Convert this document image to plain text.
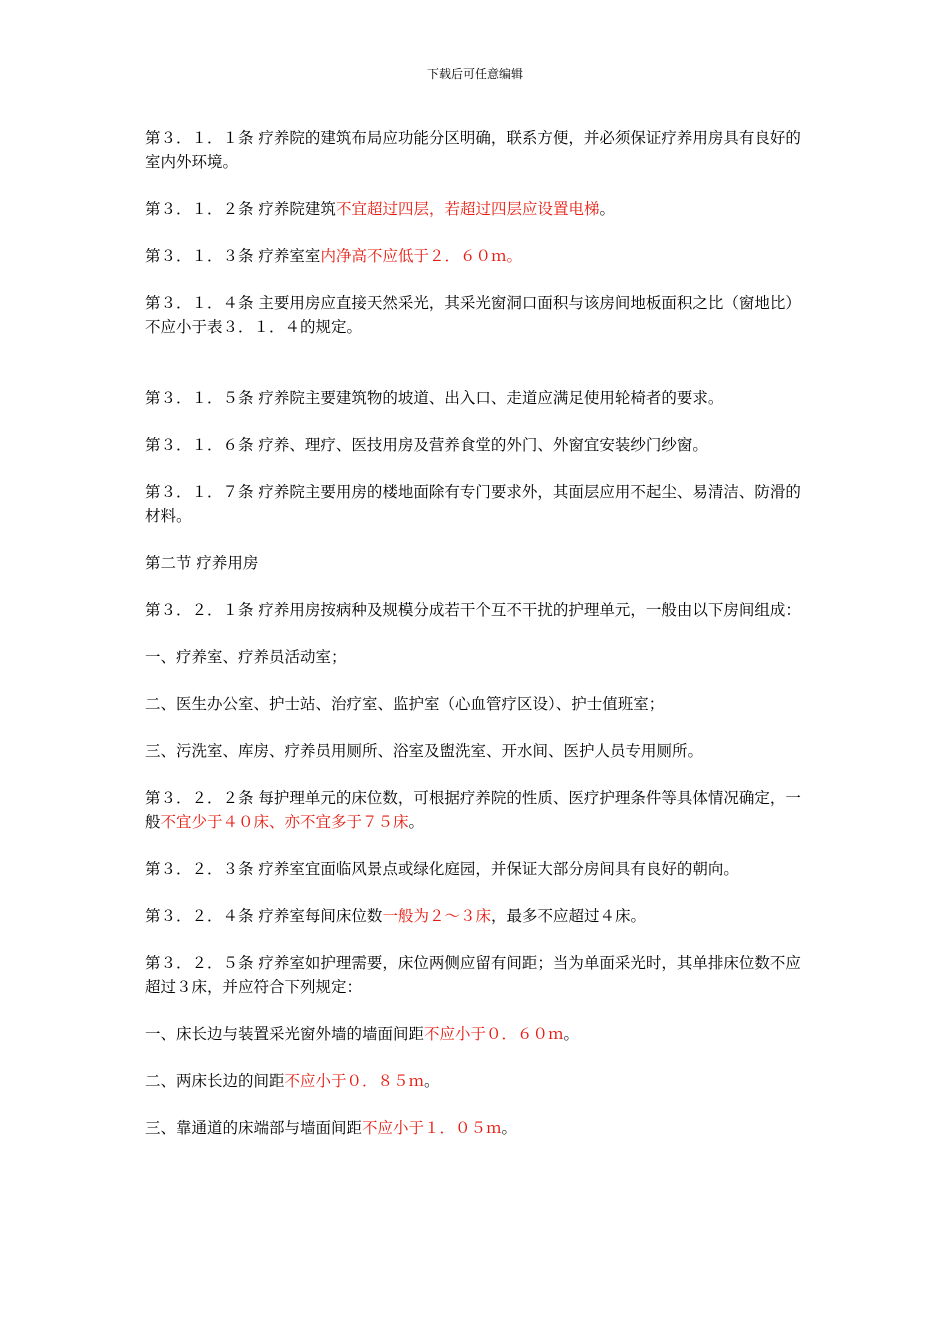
下载后可任意编辑

第３．１．１条 疗养院的建筑布局应功能分区明确，联系方便，并必须保证疗养用房具有良好的室内外环境。

第３．１．２条 疗养院建筑不宜超过四层，若超过四层应设置电梯。

第３．１．３条 疗养室室内净高不应低于２．６０ｍ。

第３．１．４条 主要用房应直接天然采光，其采光窗洞口面积与该房间地板面积之比（窗地比）不应小于表３．１．４的规定。

第３．１．５条 疗养院主要建筑物的坡道、出入口、走道应满足使用轮椅者的要求。

第３．１．６条 疗养、理疗、医技用房及营养食堂的外门、外窗宜安装纱门纱窗。

第３．１．７条 疗养院主要用房的楼地面除有专门要求外，其面层应用不起尘、易清洁、防滑的材料。

第二节 疗养用房

第３．２．１条 疗养用房按病种及规模分成若干个互不干扰的护理单元，一般由以下房间组成：

一、疗养室、疗养员活动室；

二、医生办公室、护士站、治疗室、监护室（心血管疗区设）、护士值班室；

三、污洗室、库房、疗养员用厕所、浴室及盥洗室、开水间、医护人员专用厕所。

第３．２．２条 每护理单元的床位数，可根据疗养院的性质、医疗护理条件等具体情况确定，一般不宜少于４０床、亦不宜多于７５床。

第３．２．３条 疗养室宜面临风景点或绿化庭园，并保证大部分房间具有良好的朝向。

第３．２．４条 疗养室每间床位数一般为２～３床，最多不应超过４床。

第３．２．５条 疗养室如护理需要，床位两侧应留有间距；当为单面采光时，其单排床位数不应超过３床，并应符合下列规定：

一、床长边与装置采光窗外墙的墙面间距不应小于０．６０ｍ。

二、两床长边的间距不应小于０．８５ｍ。

三、靠通道的床端部与墙面间距不应小于１．０５ｍ。
